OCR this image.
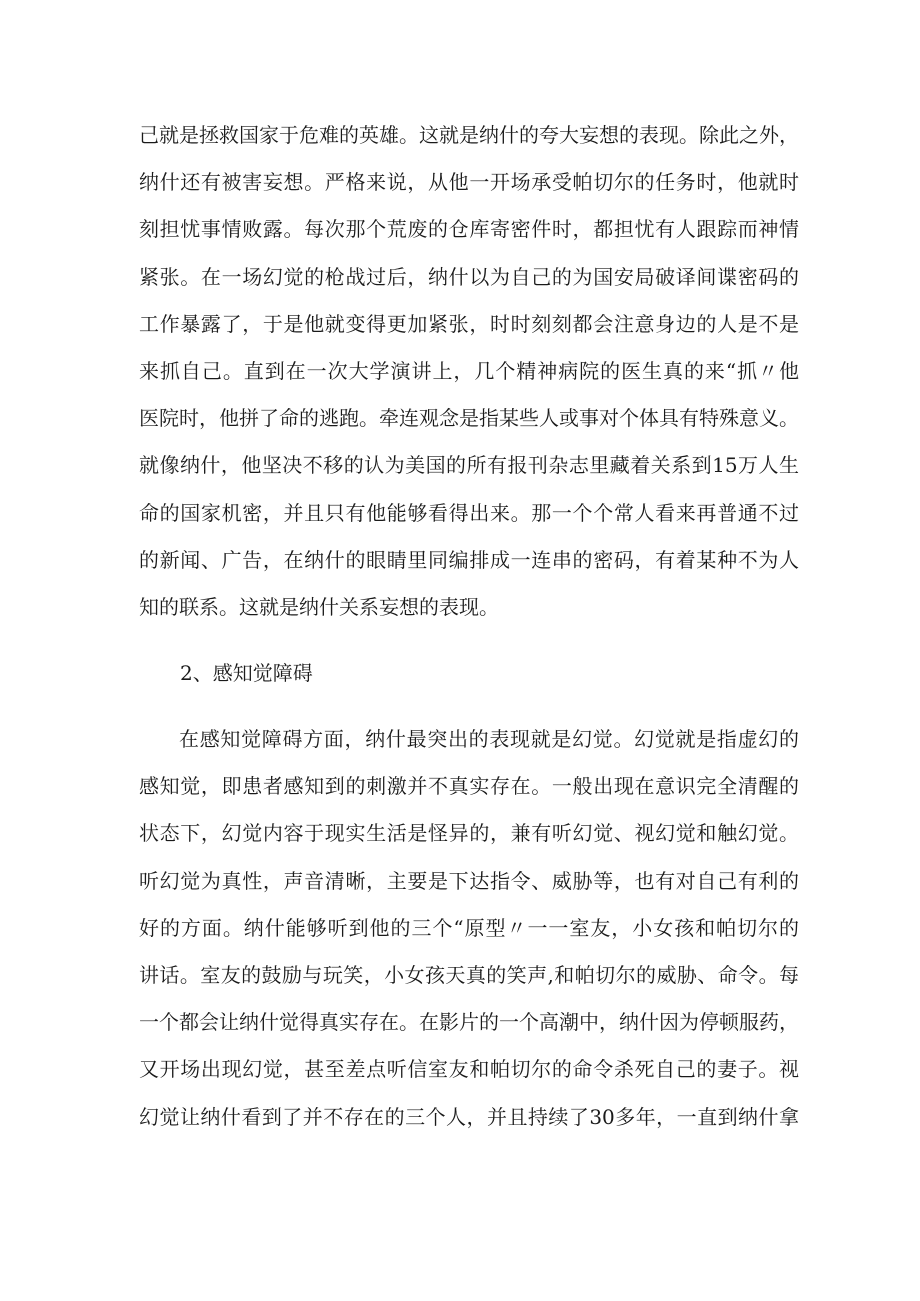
己就是拯救国家于危难的英雄。这就是纳什的夸大妄想的表现。除此之外，
纳什还有被害妄想。严格来说，从他一开场承受帕切尔的任务时，他就时
刻担忧事情败露。每次那个荒废的仓库寄密件时，都担忧有人跟踪而神情
紧张。在一场幻觉的枪战过后，纳什以为自己的为国安局破译间谍密码的
工作暴露了，于是他就变得更加紧张，时时刻刻都会注意身边的人是不是
来抓自己。直到在一次大学演讲上，几个精神病院的医生真的来“抓〃他
医院时，他拼了命的逃跑。牵连观念是指某些人或事对个体具有特殊意义。
就像纳什，他坚决不移的认为美国的所有报刊杂志里藏着关系到15万人生
命的国家机密，并且只有他能够看得出来。那一个个常人看来再普通不过
的新闻、广告，在纳什的眼睛里同编排成一连串的密码，有着某种不为人
知的联系。这就是纳什关系妄想的表现。
2、感知觉障碍
在感知觉障碍方面，纳什最突出的表现就是幻觉。幻觉就是指虚幻的
感知觉，即患者感知到的刺激并不真实存在。一般出现在意识完全清醒的
状态下，幻觉内容于现实生活是怪异的，兼有听幻觉、视幻觉和触幻觉。
听幻觉为真性，声音清晰，主要是下达指令、威胁等，也有对自己有利的
好的方面。纳什能够听到他的三个“原型〃一一室友，小女孩和帕切尔的
讲话。室友的鼓励与玩笑，小女孩天真的笑声,和帕切尔的威胁、命令。每
一个都会让纳什觉得真实存在。在影片的一个高潮中，纳什因为停顿服药，
又开场出现幻觉，甚至差点听信室友和帕切尔的命令杀死自己的妻子。视
幻觉让纳什看到了并不存在的三个人，并且持续了30多年，一直到纳什拿
